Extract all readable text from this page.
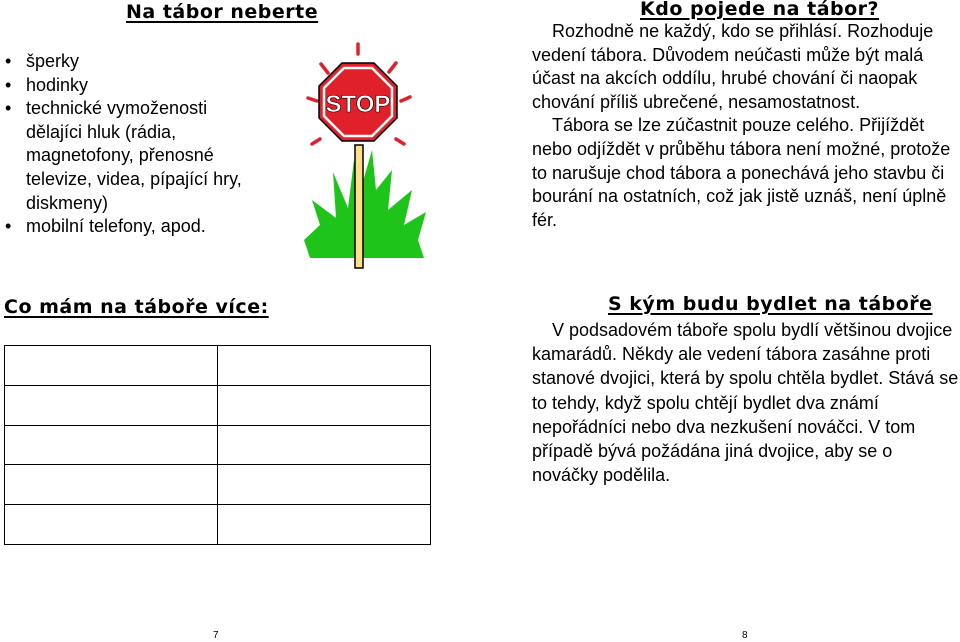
Na tábor neberte
• šperky
• hodinky
• technické vymoženosti dělajíci hluk (rádia, magnetofony, přenosné televize, videa, pípající hry, diskmeny)
• mobilní telefony, apod.
STOP
Co mám na táboře více:

7
Kdo pojede na tábor?

Rozhodně ne každý, kdo se přihlásí. Rozhoduje vedení tábora. Důvodem neúčasti může být malá účast na akcích oddílu, hrubé chování či naopak chování příliš ubrečené, nesamostatnost.

Tábora se lze zúčastnit pouze celého. Přijíždět nebo odjíždět v průběhu tábora není možné, protože to narušuje chod tábora a ponechává jeho stavbu či bourání na ostatních, což jak jistě uznáš, není úplně fér.

S kým budu bydlet na táboře

V podsadovém táboře spolu bydlí většinou dvojice kamarádů. Někdy ale vedení tábora zasáhne proti stanové dvojici, která by spolu chtěla bydlet. Stává se to tehdy, když spolu chtějí bydlet dva známí nepořádníci nebo dva nezkušení nováčci. V tom případě bývá požádána jiná dvojice, aby se o nováčky podělila.

8
